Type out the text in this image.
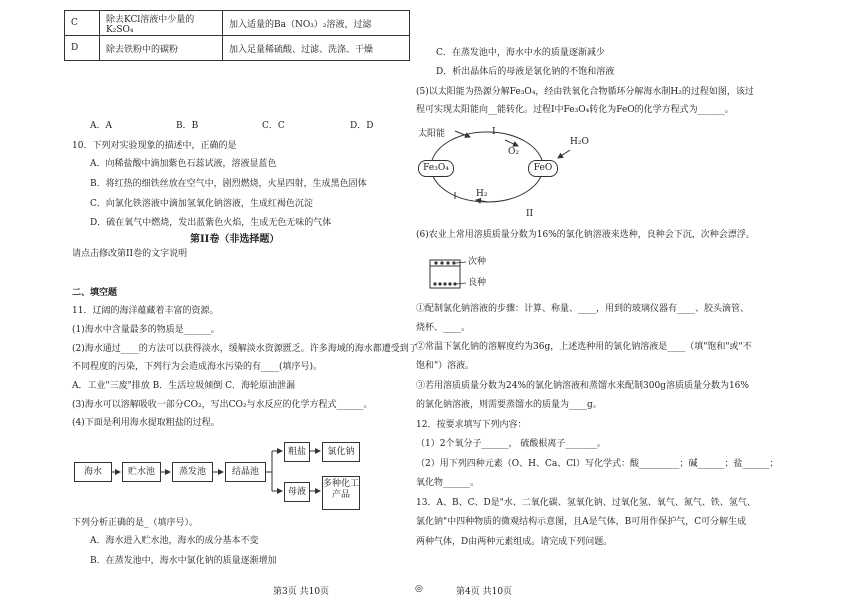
C	除去KCl溶液中少量的K₂SO₄	加入适量的Ba（NO₃）₂溶液，过滤
D	除去铁粉中的碳粉	加入足量稀硫酸、过滤、洗涤、干燥
A．A	B．B	C．C	D．D
10．下列对实验现象的描述中，正确的是
A．向稀盐酸中滴加紫色石蕊试液，溶液显蓝色
B．将红热的细铁丝放在空气中，剧烈燃烧，火星四射，生成黑色固体
C．向氯化铁溶液中滴加氢氧化钠溶液，生成红褐色沉淀
D．硫在氧气中燃烧，发出蓝紫色火焰，生成无色无味的气体
第II卷（非选择题）
请点击修改第II卷的文字说明
二、填空题
11．辽阔的海洋蕴藏着丰富的资源。
(1)海水中含量最多的物质是______。
(2)海水通过____的方法可以获得淡水，缓解淡水资源匮乏。许多海域的海水都遭受到了
不同程度的污染，下列行为会造成海水污染的有____(填序号)。
A．工业"三废"排放 B．生活垃圾倾倒 C．海轮原油泄漏
(3)海水可以溶解吸收一部分CO₂，写出CO₂与水反应的化学方程式______。
(4)下面是利用海水提取粗盐的过程。
海水	贮水池	蒸发池	结晶池
粗盐	氯化钠
母液
多种化工产品
下列分析正确的是_（填序号）。
A．海水进入贮水池，海水的成分基本不变
B．在蒸发池中，海水中氯化钠的质量逐渐增加
C．在蒸发池中，海水中水的质量逐渐减少
D．析出晶体后的母液是氯化钠的不饱和溶液
(5)以太阳能为热源分解Fe₃O₄，经由铁氧化合物循环分解海水制H₂的过程如图，该过
程可实现太阳能向__能转化。过程I中Fe₃O₄转化为FeO的化学方程式为______。
太阳能	I
O₂
H₂O
Fe₃O₄	FeO
H₂
II
(6)农业上常用溶质质量分数为16%的氯化钠溶液来选种，良种会下沉，次种会漂浮。
次种
良种
①配制氯化钠溶液的步骤：计算、称量、____，用到的玻璃仪器有____、胶头滴管、
烧杯、____。
②常温下氯化钠的溶解度约为36g，上述选种用的氯化钠溶液是____（填"饱和"或"不
饱和"）溶液。
③若用溶质质量分数为24%的氯化钠溶液和蒸馏水来配制300g溶质质量分数为16%
的氯化钠溶液，则需要蒸馏水的质量为____g。
12．按要求填写下列内容：
（1）2个氧分子______， 硫酸根离子_______。
（2）用下列四种元素（O、H、Ca、Cl）写化学式：酸_________；碱______；盐______；
氧化物______。
13．A、B、C、D是"水、二氧化碳、氢氧化钠、过氧化氢、氧气、氮气、铁、氢气、
氯化钠"中四种物质的微观结构示意图，且A是气体，B可用作保护气，C可分解生成
两种气体，D由两种元素组成。请完成下列问题。
第3页 共10页	◎	第4页 共10页
